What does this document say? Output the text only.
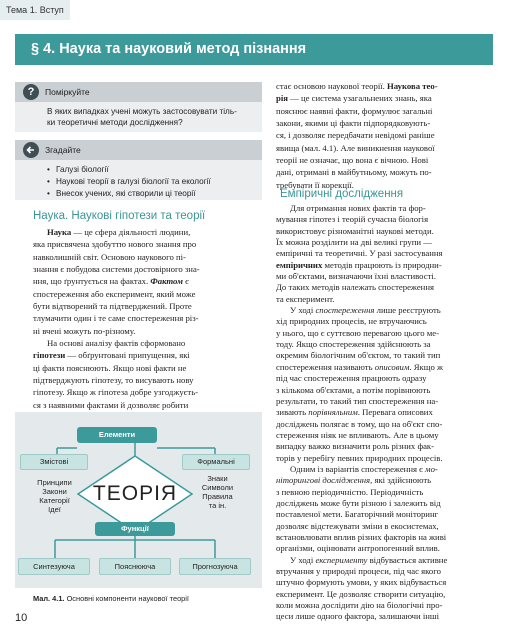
Тема 1. Вступ
§ 4. Наука та науковий метод пізнання
?	Поміркуйте
В яких випадках учені можуть застосовувати тіль-
ки теоретичні методи дослідження?
Згадайте
• Галузі біології
• Наукові теорії в галузі біології та екології
• Внесок учених, які створили ці теорії
Наука. Наукові гіпотези та теорії

Наука — це сфера діяльності людини,

яка присвячена здобуттю нового знання про

навколишній світ. Основою наукового пі-

знання є побудова системи достовірного зна-

ння, що ґрунтується на фактах. Фактом є

спостереження або експеримент, який може

бути відтворений та підтверджений. Проте

тлумачити один і те саме спостереження різ-

ні вчені можуть по-різному.

На основі аналізу фактів сформовано

гіпотези — обґрунтовані припущення, які

ці факти пояснюють. Якщо нові факти не

підтверджують гіпотезу, то висувають нову

гіпотезу. Якщо ж гіпотеза добре узгоджуєть-

ся з наявними фактами й дозволяє робити

Елементи
Змістові	Формальні
Принципи
Закони
Категорії
Ідеї
ТЕОРІЯ
Знаки
Символи
Правила
та ін.
Функції
Синтезуюча	Пояснююча	Прогнозуюча
Мал. 4.1. Основні компоненти наукової теорії

стає основою наукової теорії. Наукова тео-

рія — це система узагальнених знань, яка

пояснює наявні факти, формулює загальні

закони, якими ці факти підпорядковують-

ся, і дозволяє передбачати невідомі раніше

явища (мал. 4.1). Але виникнення наукової

теорії не означає, що вона є вічною. Нові

дані, отримані в майбутньому, можуть по-

требувати її корекції.

Емпіричні дослідження

Для отримання нових фактів та фор-

мування гіпотез і теорій сучасна біологія

використовує різноманітні наукові методи.

Їх можна розділити на дві великі групи —

емпіричні та теоретичні. У разі застосування

емпіричних методів працюють із природни-

ми об'єктами, визначаючи їхні властивості.

До таких методів належать спостереження

та експеримент.

У ході спостереження лише реєструють

хід природних процесів, не втручаючись

у нього, що є суттєвою перевагою цього ме-

тоду. Якщо спостереження здійснюють за

окремим біологічним об'єктом, то такий тип

спостереження називають описовим. Якщо ж

під час спостереження працюють одразу

з кількома об'єктами, а потім порівнюють

результати, то такий тип спостереження на-

зивають порівняльним. Перевага описових

досліджень полягає в тому, що на об'єкт спо-

стереження ніяк не впливають. Але в цьому

випадку важко визначити роль різних фак-

торів у перебігу певних природних процесів.

Одним із варіантів спостереження є мо-

ніторингові дослідження, які здійснюють

з певною періодичністю. Періодичність

досліджень може бути різною і залежить від

поставленої мети. Багаторічний моніторинг

дозволяє відстежувати зміни в екосистемах,

встановлювати вплив різних факторів на живі

організми, оцінювати антропогенний вплив.

У ході експерименту відбувається активне

втручання у природні процеси, під час якого

штучно формують умови, у яких відбувається

експеримент. Це дозволяє створити ситуацію,

коли можна дослідити дію на біологічні про-

цеси лише одного фактора, залишаючи інші

10
